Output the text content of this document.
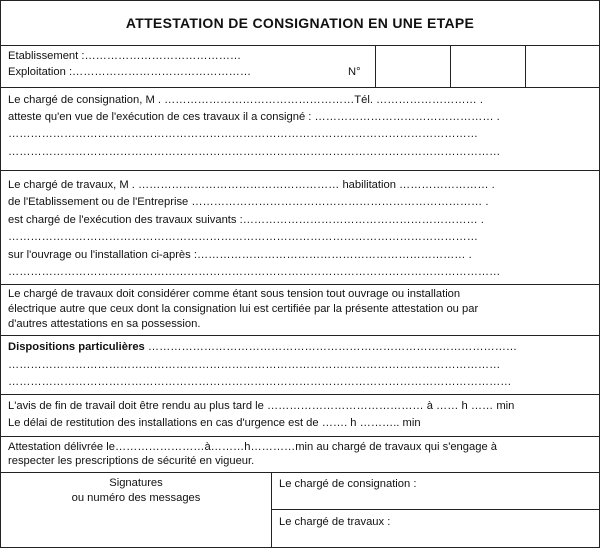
ATTESTATION DE CONSIGNATION EN UNE ETAPE
Etablissement :……………………………………
Exploitation :…………………………………………	N°
Le chargé de consignation, M . ……………………………………………Tél. ……………………… .
atteste qu'en vue de l'exécution de ces travaux il a consigné : ………………………………………… .
………………………………………………………………………………………………………………
……………………………………………………………………………………………………………………
Le chargé de travaux, M . ……………………………………………… habilitation …………………… .
de l'Etablissement ou de l'Entreprise …………………………………………………………………… .
est chargé de l'exécution des travaux suivants :……………………………………………………… .
………………………………………………………………………………………………………………
sur l'ouvrage ou l'installation ci-après :……………………………………………………………… .
……………………………………………………………………………………………………………………
Le chargé de travaux doit considérer comme étant sous tension tout ouvrage ou installation
électrique autre que ceux dont la consignation lui est certifiée par la présente attestation ou par
d'autres attestations en sa possession.
Dispositions particulières ………………………………………………………………………………………
……………………………………………………………………………………………………………………
………………………………………………………………………………………………………………………
L'avis de fin de travail doit être rendu au plus tard le …………………………………… à …… h …… min
Le délai de restitution des installations en cas d'urgence est de ……. h ……….. min
Attestation délivrée le……………………à………h…………min au chargé de travaux qui s'engage à
respecter les prescriptions de sécurité en vigueur.
Signatures
ou numéro des messages
Le chargé de consignation :
Le chargé de travaux :
